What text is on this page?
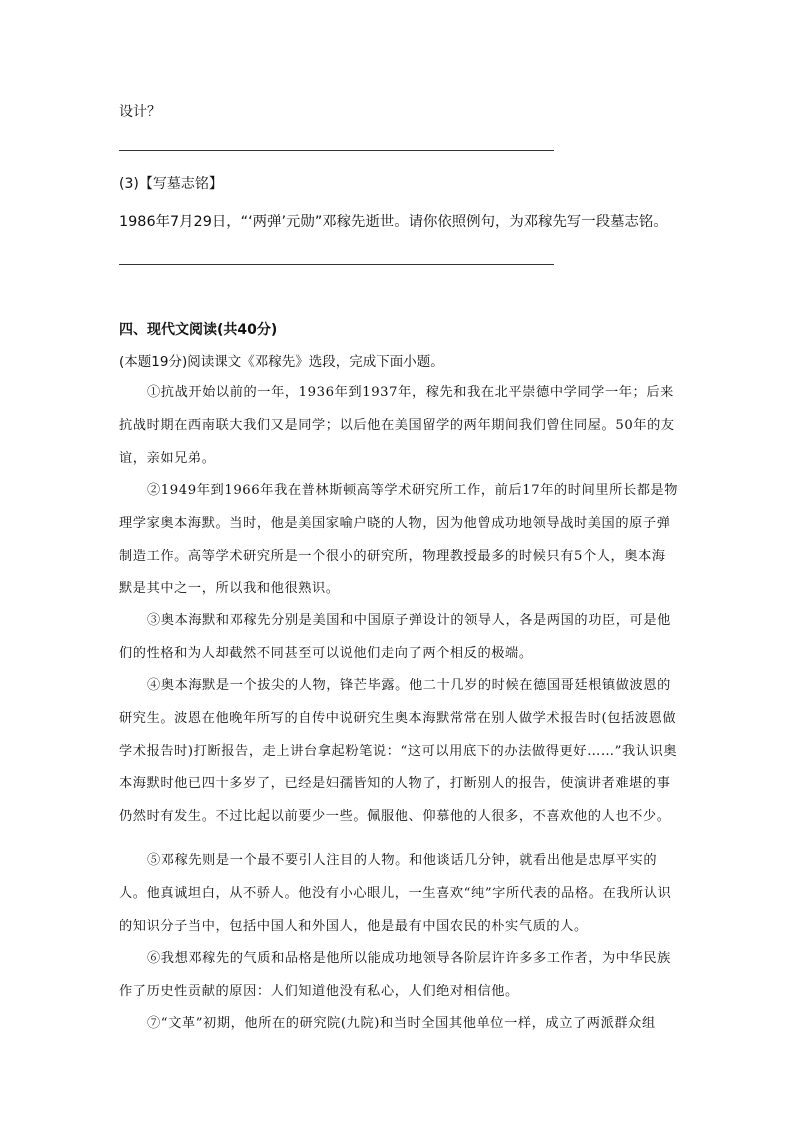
设计？
(3)【写墓志铭】
1986年7月29日，“‘两弹’元勋”邓稼先逝世。请你依照例句，为邓稼先写一段墓志铭。
四、现代文阅读(共40分)
(本题19分)阅读课文《邓稼先》选段，完成下面小题。
①抗战开始以前的一年，1936年到1937年，稼先和我在北平崇德中学同学一年；后来抗战时期在西南联大我们又是同学；以后他在美国留学的两年期间我们曾住同屋。50年的友谊，亲如兄弟。
②1949年到1966年我在普林斯顿高等学术研究所工作，前后17年的时间里所长都是物理学家奥本海默。当时，他是美国家喻户晓的人物，因为他曾成功地领导战时美国的原子弹制造工作。高等学术研究所是一个很小的研究所，物理教授最多的时候只有5个人，奥本海默是其中之一，所以我和他很熟识。
③奥本海默和邓稼先分别是美国和中国原子弹设计的领导人，各是两国的功臣，可是他们的性格和为人却截然不同甚至可以说他们走向了两个相反的极端。
④奥本海默是一个拔尖的人物，锋芒毕露。他二十几岁的时候在德国哥廷根镇做波恩的研究生。波恩在他晚年所写的自传中说研究生奥本海默常常在别人做学术报告时(包括波恩做学术报告时)打断报告，走上讲台拿起粉笔说：“这可以用底下的办法做得更好……”我认识奥本海默时他已四十多岁了，已经是妇孺皆知的人物了，打断别人的报告，使演讲者难堪的事仍然时有发生。不过比起以前要少一些。佩服他、仰慕他的人很多，不喜欢他的人也不少。
⑤邓稼先则是一个最不要引人注目的人物。和他谈话几分钟，就看出他是忠厚平实的人。他真诚坦白，从不骄人。他没有小心眼儿，一生喜欢“纯”字所代表的品格。在我所认识的知识分子当中，包括中国人和外国人，他是最有中国农民的朴实气质的人。
⑥我想邓稼先的气质和品格是他所以能成功地领导各阶层许许多多工作者，为中华民族作了历史性贡献的原因：人们知道他没有私心，人们绝对相信他。
⑦“文革”初期，他所在的研究院(九院)和当时全国其他单位一样，成立了两派群众组
